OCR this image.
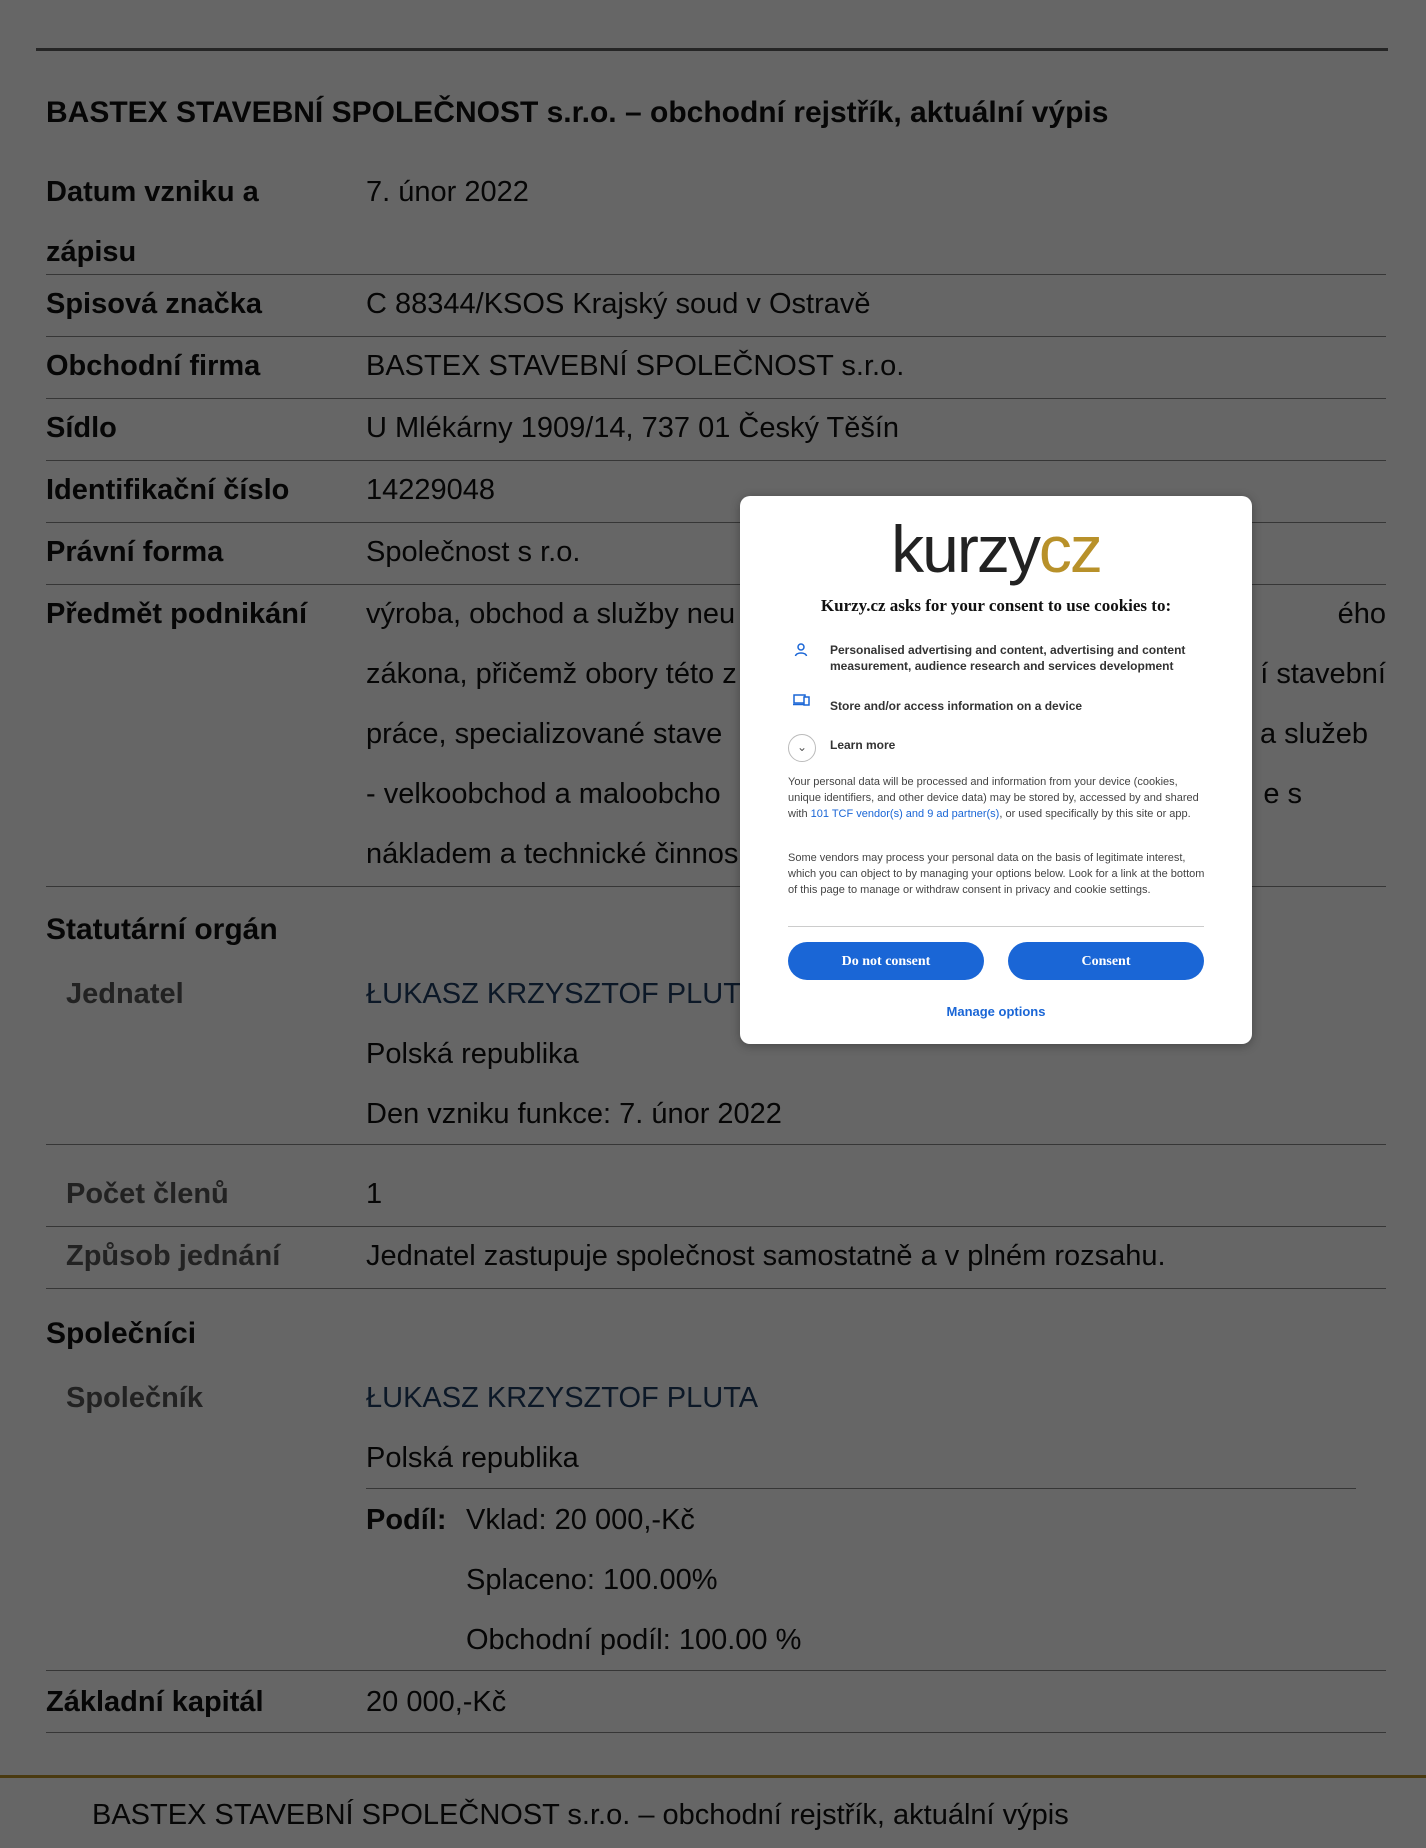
kurzycz
Kurzy.cz asks for your consent to use cookies to:
Personalised advertising and content, advertising and content measurement, audience research and services development
Store and/or access information on a device
⌄	Learn more
Your personal data will be processed and information from your device (cookies, unique identifiers, and other device data) may be stored by, accessed by and shared with 101 TCF vendor(s) and 9 ad partner(s), or used specifically by this site or app.
Some vendors may process your personal data on the basis of legitimate interest, which you can object to by managing your options below. Look for a link at the bottom of this page to manage or withdraw consent in privacy and cookie settings.
Do not consent	Consent
Manage options
